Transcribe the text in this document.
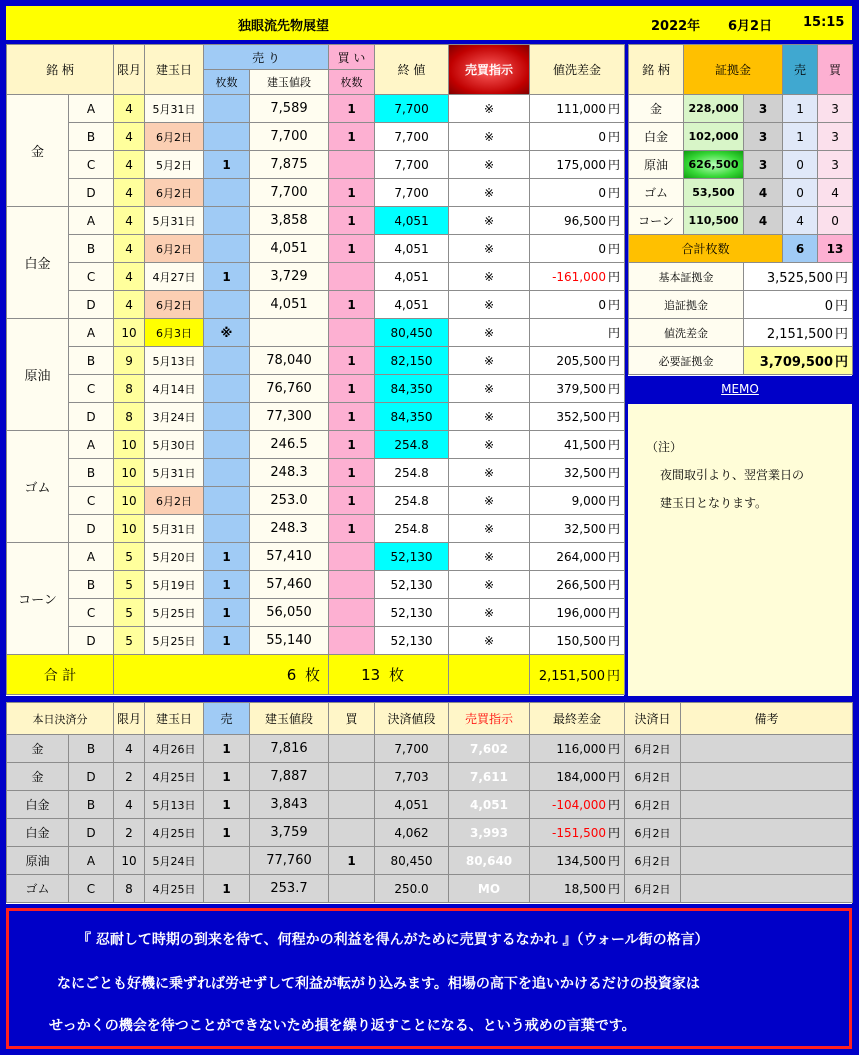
独眼流先物展望	2022年 6月2日 15:15
銘 柄		限月	建玉日	売 り		買 い	終 値	売買指示	値洗差金
				枚数	建玉値段	枚数			
金	A	4	5月31日		7,589	1	7,700	※	111,000 円
	B	4	6月2日		7,700	1	7,700	※	0 円
	C	4	5月2日	1	7,875		7,700	※	175,000 円
	D	4	6月2日		7,700	1	7,700	※	0 円
白金	A	4	5月31日		3,858	1	4,051	※	96,500 円
	B	4	6月2日		4,051	1	4,051	※	0 円
	C	4	4月27日	1	3,729		4,051	※	-161,000 円
	D	4	6月2日		4,051	1	4,051	※	0 円
原油	A	10	6月3日	※			80,450	※	円
	B	9	5月13日		78,040	1	82,150	※	205,500 円
	C	8	4月14日		76,760	1	84,350	※	379,500 円
	D	8	3月24日		77,300	1	84,350	※	352,500 円
ゴム	A	10	5月30日		246.5	1	254.8	※	41,500 円
	B	10	5月31日		248.3	1	254.8	※	32,500 円
	C	10	6月2日		253.0	1	254.8	※	9,000 円
	D	10	5月31日		248.3	1	254.8	※	32,500 円
コーン	A	5	5月20日	1	57,410		52,130	※	264,000 円
	B	5	5月19日	1	57,460		52,130	※	266,500 円
	C	5	5月25日	1	56,050		52,130	※	196,000 円
	D	5	5月25日	1	55,140		52,130	※	150,500 円
合 計		6 枚				13 枚			2,151,500 円
銘 柄	証拠金		売	買
金	228,000	3	1	3
白金	102,000	3	1	3
原油	626,500	3	0	3
ゴム	53,500	4	0	4
コーン	110,500	4	4	0
合計枚数			6	13
基本証拠金		3,525,500 円		
追証拠金		0 円		
値洗差金		2,151,500 円		
必要証拠金		3,709,500 円		
MEMO
（注）
夜間取引より、翌営業日の
建玉日となります。
本日決済分		限月	建玉日	売	建玉値段	買	決済値段	売買指示	最終差金	決済日	備考
金	B	4	4月26日	1	7,816		7,700	7,602	116,000 円	6月2日	
金	D	2	4月25日	1	7,887		7,703	7,611	184,000 円	6月2日	
白金	B	4	5月13日	1	3,843		4,051	4,051	-104,000 円	6月2日	
白金	D	2	4月25日	1	3,759		4,062	3,993	-151,500 円	6月2日	
原油	A	10	5月24日		77,760	1	80,450	80,640	134,500 円	6月2日	
ゴム	C	8	4月25日	1	253.7		250.0	MO	18,500 円	6月2日	

『 忍耐して時期の到来を待て、何程かの利益を得んがために売買するなかれ 』（ウォール街の格言）

なにごとも好機に乗ずれば労せずして利益が転がり込みます。相場の高下を追いかけるだけの投資家は

せっかくの機会を待つことができないため損を繰り返すことになる、という戒めの言葉です。
